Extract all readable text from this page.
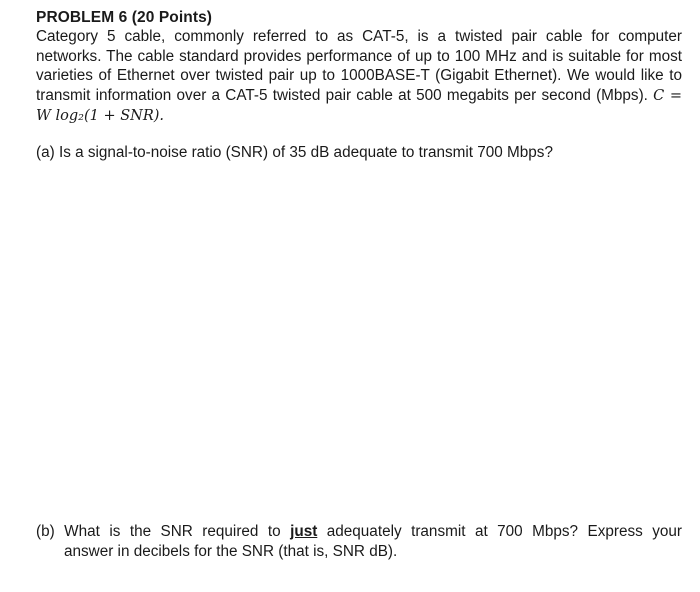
PROBLEM 6 (20 Points)
Category 5 cable, commonly referred to as CAT-5, is a twisted pair cable for computer networks. The cable standard provides performance of up to 100 MHz and is suitable for most varieties of Ethernet over twisted pair up to 1000BASE-T (Gigabit Ethernet). We would like to transmit information over a CAT-5 twisted pair cable at 500 megabits per second (Mbps). C = W log₂(1 + SNR).
(a) Is a signal-to-noise ratio (SNR) of 35 dB adequate to transmit 700 Mbps?
(b) What is the SNR required to just adequately transmit at 700 Mbps? Express your
answer in decibels for the SNR (that is, SNR dB).
